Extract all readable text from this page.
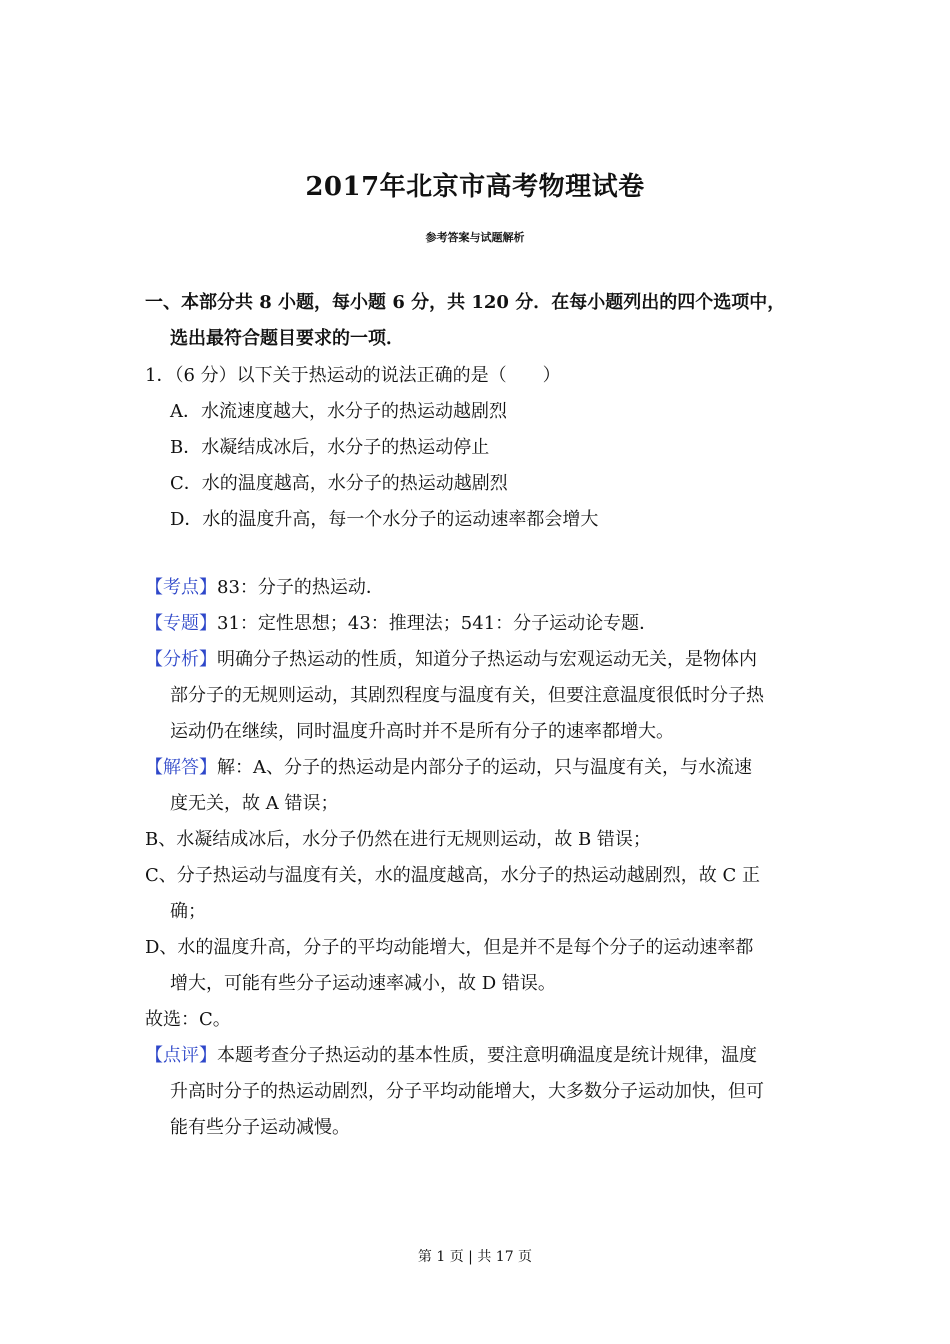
2017年北京市高考物理试卷
参考答案与试题解析
一、本部分共 8 小题，每小题 6 分，共 120 分．在每小题列出的四个选项中，
选出最符合题目要求的一项．
1．（6 分）以下关于热运动的说法正确的是（　　）
A．水流速度越大，水分子的热运动越剧烈
B．水凝结成冰后，水分子的热运动停止
C．水的温度越高，水分子的热运动越剧烈
D．水的温度升高，每一个水分子的运动速率都会增大
【考点】83：分子的热运动．
【专题】31：定性思想；43：推理法；541：分子运动论专题．
【分析】明确分子热运动的性质，知道分子热运动与宏观运动无关，是物体内
部分子的无规则运动，其剧烈程度与温度有关，但要注意温度很低时分子热
运动仍在继续，同时温度升高时并不是所有分子的速率都增大。
【解答】解：A、分子的热运动是内部分子的运动，只与温度有关，与水流速
度无关，故 A 错误；
B、水凝结成冰后，水分子仍然在进行无规则运动，故 B 错误；
C、分子热运动与温度有关，水的温度越高，水分子的热运动越剧烈，故 C 正
确；
D、水的温度升高，分子的平均动能增大，但是并不是每个分子的运动速率都
增大，可能有些分子运动速率减小，故 D 错误。
故选：C。
【点评】本题考查分子热运动的基本性质，要注意明确温度是统计规律，温度
升高时分子的热运动剧烈，分子平均动能增大，大多数分子运动加快，但可
能有些分子运动减慢。
第 1 页 | 共 17 页
